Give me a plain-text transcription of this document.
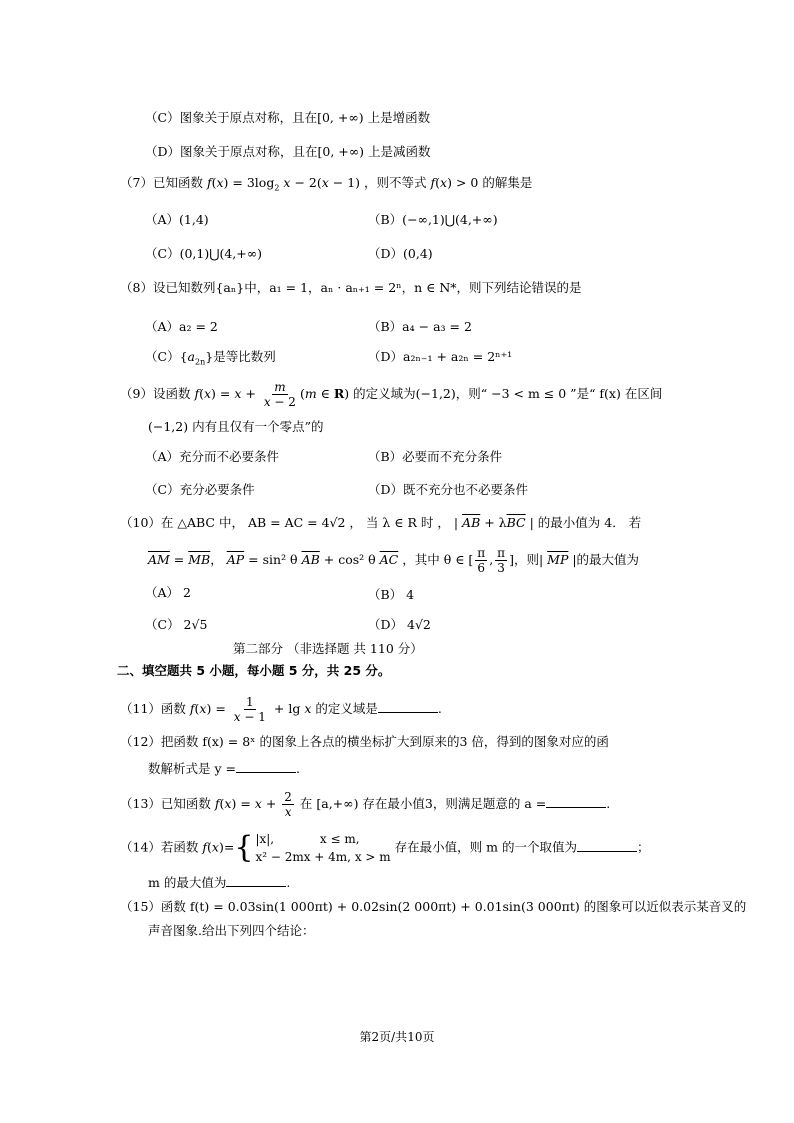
（C）图象关于原点对称，且在[0, +∞) 上是增函数
（D）图象关于原点对称，且在[0, +∞) 上是减函数
（7）已知函数 $f(x) = 3\log_2$ x − 2(x − 1) ，则不等式 f(x) > 0 的解集是
（A）(1,4)	（B）(−∞,1)⋃(4,+∞)
（C）(0,1)⋃(4,+∞)	（D）(0,4)
（8）设已知数列{aₙ}中，a₁ = 1，aₙ · aₙ₊₁ = 2ⁿ，n ∈ N*，则下列结论错误的是
（A）a₂ = 2	（B）a₄ − a₃ = 2
$(C)\{a_{2n}\}$是等比数列	（D）a₂ₙ₋₁ + a₂ₙ = 2ⁿ⁺¹
（9）设函数 $f(x) = x + \frac{m}{x - 2} (m$ ∈ R) 的定义域为(−1,2)，则“ −3 < m ≤ 0 ”是“ f(x) 在区间
(−1,2) 内有且仅有一个零点”的
（A）充分而不必要条件	（B）必要而不充分条件
（C）充分必要条件	（D）既不充分也不必要条件
（10）在 △ABC 中， AB = AC = 4√2 ， 当 λ ∈ R 时 ， | $\overline{AB} + \lambda\overline{BC}$ | 的最小值为 4． 若
$\overline{AM} = \overline{MB}$， $\overline{AP} = \sin^2$ θ $\overline{AB} + \cos^2$ θ $\overline{AC}$ ，其中 θ ∈ [ $\frac{\pi}{6}$ , $\frac{\pi}{3}$ ]，则| $\overline{MP}$ |的最大值为
（A） 2	（B） 4
（C） 2√5	（D） 4√2
第二部分 （非选择题 共 110 分）
二、填空题共 5 小题，每小题 5 分，共 25 分。
（11）函数 $f(x) = \frac{1}{x - 1} + \lg x$ 的定义域是	.
（12）把函数 f(x) = 8ˣ 的图象上各点的横坐标扩大到原来的3 倍，得到的图象对应的函
数解析式是 y =	.
（13）已知函数 $f(x) = x + \frac{2}{x}$ 在 [a,+∞) 存在最小值3，则满足题意的 a =	.
（14）若函数 f(x)= { |x|,	x ≤ m,
x² − 2mx + 4m, x > m
存在最小值，则 m 的一个取值为	；
m 的最大值为	.
（15）函数 f(t) = 0.03sin(1 000πt) + 0.02sin(2 000πt) + 0.01sin(3 000πt) 的图象可以近似表示某音叉的
声音图象.给出下列四个结论：
第2页/共10页
